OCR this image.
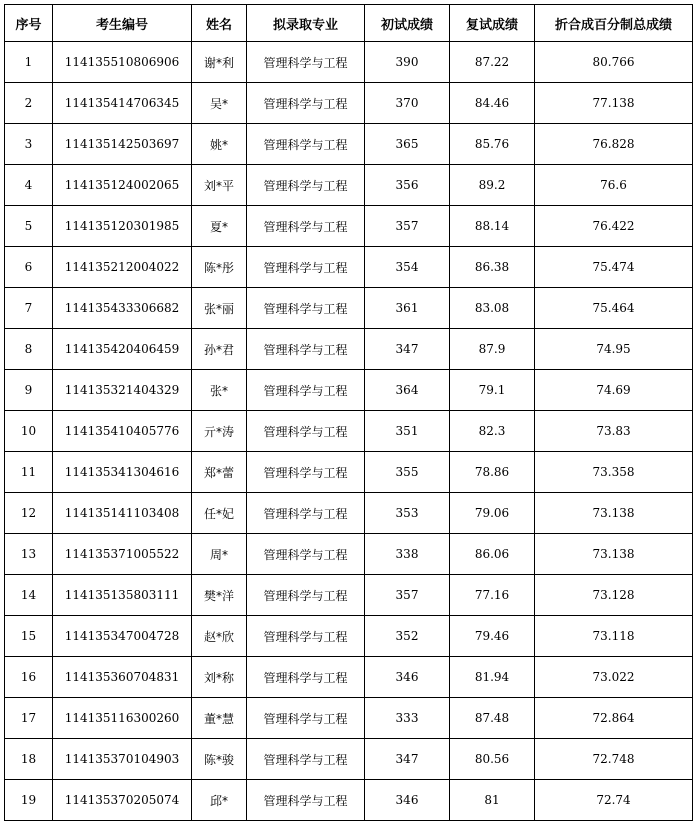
序号	考生编号	姓名	拟录取专业	初试成绩	复试成绩	折合成百分制总成绩
1	114135510806906	谢*利	管理科学与工程	390	87.22	80.766
2	114135414706345	吴*	管理科学与工程	370	84.46	77.138
3	114135142503697	姚*	管理科学与工程	365	85.76	76.828
4	114135124002065	刘*平	管理科学与工程	356	89.2	76.6
5	114135120301985	夏*	管理科学与工程	357	88.14	76.422
6	114135212004022	陈*彤	管理科学与工程	354	86.38	75.474
7	114135433306682	张*丽	管理科学与工程	361	83.08	75.464
8	114135420406459	孙*君	管理科学与工程	347	87.9	74.95
9	114135321404329	张*	管理科学与工程	364	79.1	74.69
10	114135410405776	亓*涛	管理科学与工程	351	82.3	73.83
11	114135341304616	郑*蕾	管理科学与工程	355	78.86	73.358
12	114135141103408	任*妃	管理科学与工程	353	79.06	73.138
13	114135371005522	周*	管理科学与工程	338	86.06	73.138
14	114135135803111	樊*洋	管理科学与工程	357	77.16	73.128
15	114135347004728	赵*欣	管理科学与工程	352	79.46	73.118
16	114135360704831	刘*称	管理科学与工程	346	81.94	73.022
17	114135116300260	董*慧	管理科学与工程	333	87.48	72.864
18	114135370104903	陈*骏	管理科学与工程	347	80.56	72.748
19	114135370205074	邱*	管理科学与工程	346	81	72.74
